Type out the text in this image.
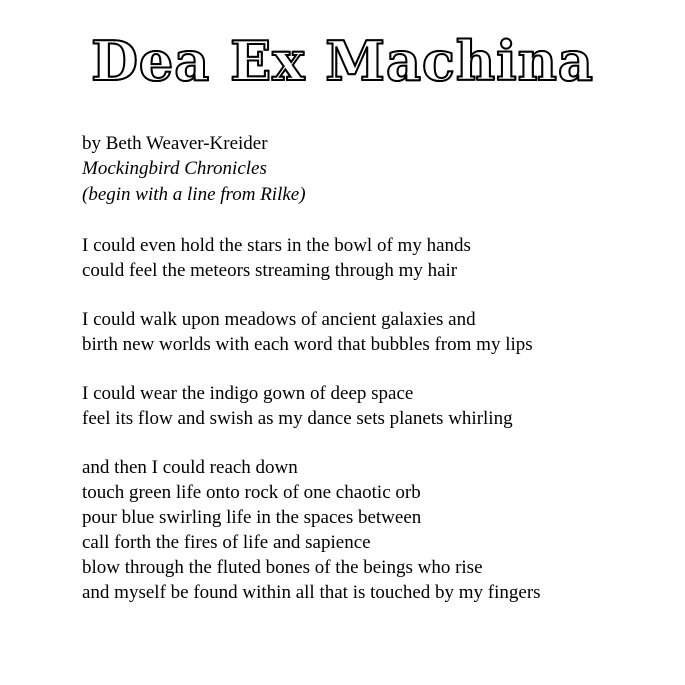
Dea Ex Machina
by Beth Weaver-Kreider
Mockingbird Chronicles
(begin with a line from Rilke)
I could even hold the stars in the bowl of my hands
could feel the meteors streaming through my hair
I could walk upon meadows of ancient galaxies and
birth new worlds with each word that bubbles from my lips
I could wear the indigo gown of deep space
feel its flow and swish as my dance sets planets whirling
and then I could reach down
touch green life onto rock of one chaotic orb
pour blue swirling life in the spaces between
call forth the fires of life and sapience
blow through the fluted bones of the beings who rise
and myself be found within all that is touched by my fingers
